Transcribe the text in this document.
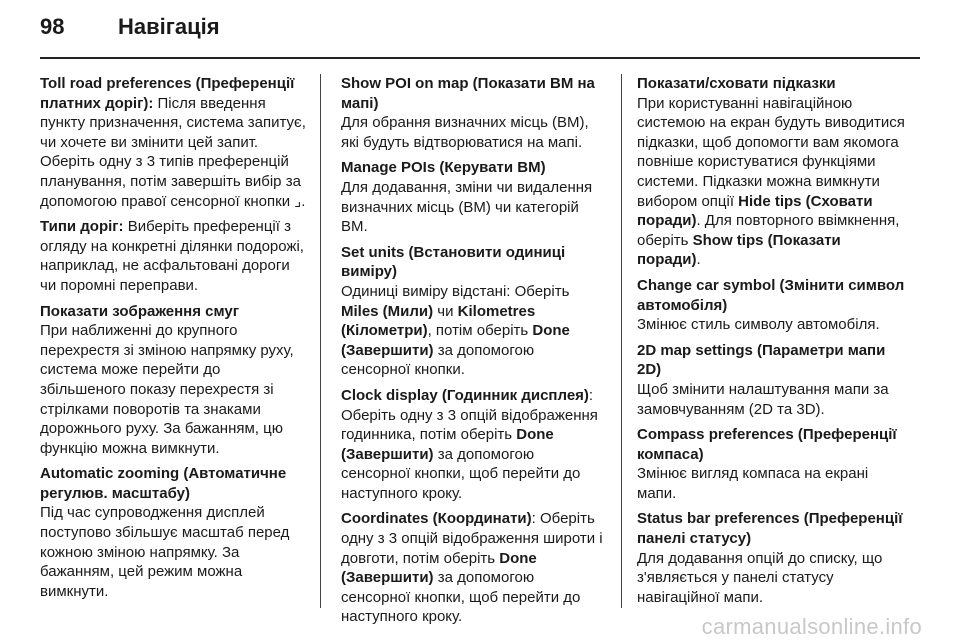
98	Навігація

Toll road preferences (Преференції платних доріг): Після введення пункту призначення, система запитує, чи хочете ви змінити цей запит. Оберіть одну з 3 типів преференцій планування, потім завершіть вибір за допомогою правої сенсорної кнопки ⌟.

Типи доріг: Виберіть преференції з огляду на конкретні ділянки подорожі, наприклад, не асфальтовані дороги чи поромні переправи.

Показати зображення смуг
При наближенні до крупного перехрестя зі зміною напрямку руху, система може перейти до збільшеного показу перехрестя зі стрілками поворотів та знаками дорожнього руху. За бажанням, цю функцію можна вимкнути.
Automatic zooming (Автоматичне регулюв. масштабу)
Під час супроводження дисплей поступово збільшує масштаб перед кожною зміною напрямку. За бажанням, цей режим можна вимкнути.
Show POI on map (Показати ВМ на мапі)
Для обрання визначних місць (ВМ), які будуть відтворюватися на мапі.
Manage POIs (Керувати ВМ)
Для додавання, зміни чи видалення визначних місць (ВМ) чи категорій ВМ.
Set units (Встановити одиниці виміру)
Одиниці виміру відстані: Оберіть Miles (Мили) чи Kilometres (Кілометри), потім оберіть Done (Завершити) за допомогою сенсорної кнопки.

Clock display (Годинник дисплея): Оберіть одну з 3 опцій відображення годинника, потім оберіть Done (Завершити) за допомогою сенсорної кнопки, щоб перейти до наступного кроку.

Coordinates (Координати): Оберіть одну з 3 опцій відображення широти і довготи, потім оберіть Done (Завершити) за допомогою сенсорної кнопки, щоб перейти до наступного кроку.

Показати/сховати підказки
При користуванні навігаційною системою на екран будуть виводитися підказки, щоб допомогти вам якомога повніше користуватися функціями системи. Підказки можна вимкнути вибором опції Hide tips (Сховати поради). Для повторного ввімкнення, оберіть Show tips (Показати поради).
Change car symbol (Змінити символ автомобіля)
Змінює стиль символу автомобіля.
2D map settings (Параметри мапи 2D)
Щоб змінити налаштування мапи за замовчуванням (2D та 3D).
Compass preferences (Преференції компаса)
Змінює вигляд компаса на екрані мапи.
Status bar preferences (Преференції панелі статусу)
Для додавання опцій до списку, що з'являється у панелі статусу навігаційної мапи.
carmanualsonline.info
